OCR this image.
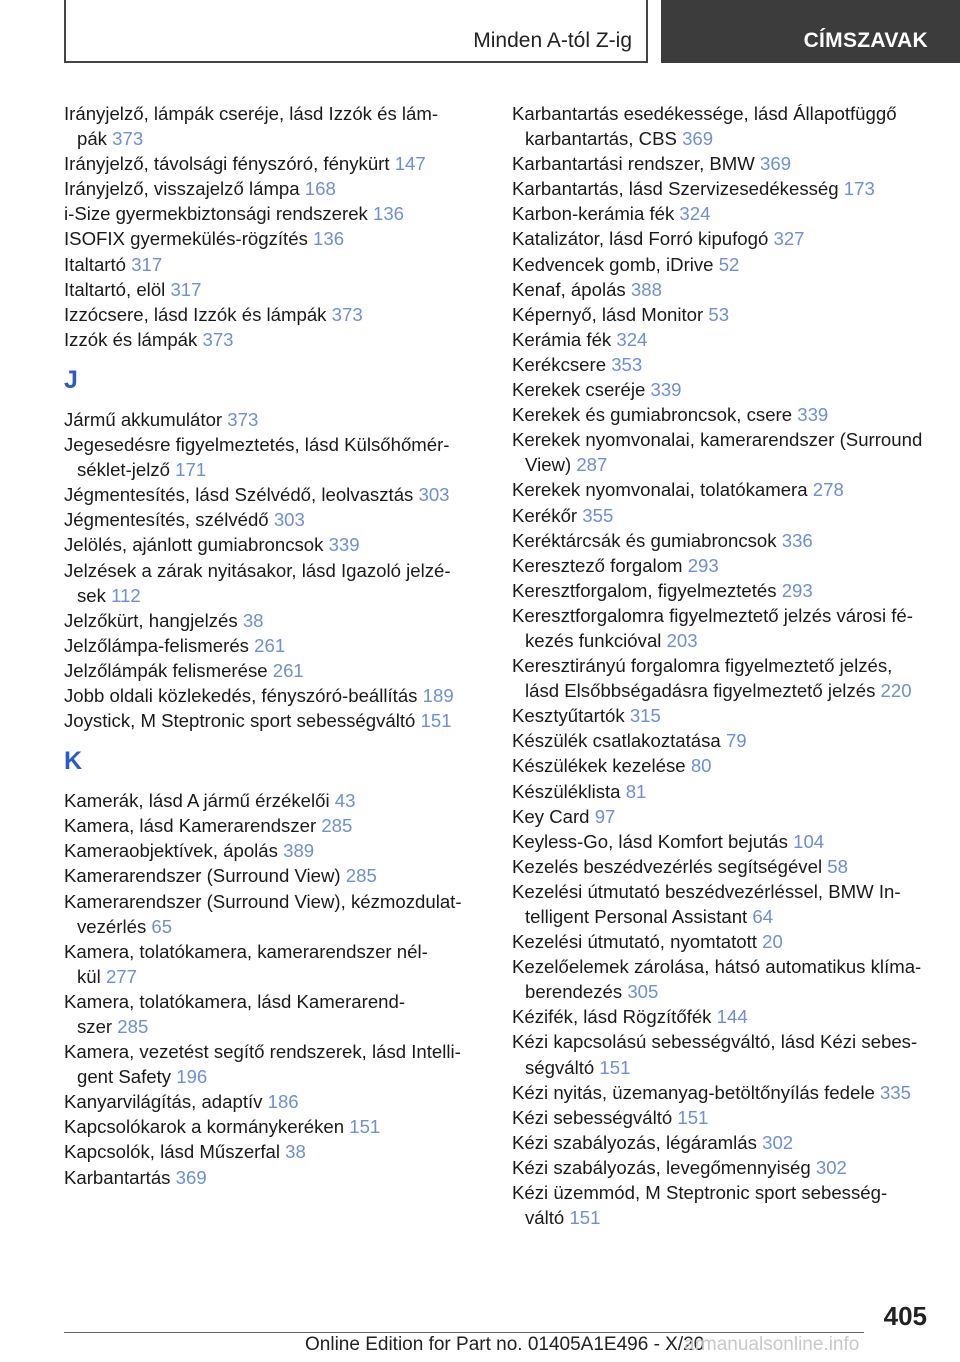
Minden A-tól Z-ig	CÍMSZAVAK
Irányjelző, lámpák cseréje, lásd Izzók és lám-
pák 373
Irányjelző, távolsági fényszóró, fénykürt 147
Irányjelző, visszajelző lámpa 168
i-Size gyermekbiztonsági rendszerek 136
ISOFIX gyermekülés-rögzítés 136
Italtartó 317
Italtartó, elöl 317
Izzócsere, lásd Izzók és lámpák 373
Izzók és lámpák 373
J
Jármű akkumulátor 373
Jegesedésre figyelmeztetés, lásd Külsőhőmér-
séklet-jelző 171
Jégmentesítés, lásd Szélvédő, leolvasztás 303
Jégmentesítés, szélvédő 303
Jelölés, ajánlott gumiabroncsok 339
Jelzések a zárak nyitásakor, lásd Igazoló jelzé-
sek 112
Jelzőkürt, hangjelzés 38
Jelzőlámpa-felismerés 261
Jelzőlámpák felismerése 261
Jobb oldali közlekedés, fényszóró-beállítás 189
Joystick, M Steptronic sport sebességváltó 151
K
Kamerák, lásd A jármű érzékelői 43
Kamera, lásd Kamerarendszer 285
Kameraobjektívek, ápolás 389
Kamerarendszer (Surround View) 285
Kamerarendszer (Surround View), kézmozdulat-
vezérlés 65
Kamera, tolatókamera, kamerarendszer nél-
kül 277
Kamera, tolatókamera, lásd Kamerarend-
szer 285
Kamera, vezetést segítő rendszerek, lásd Intelli-
gent Safety 196
Kanyarvilágítás, adaptív 186
Kapcsolókarok a kormánykeréken 151
Kapcsolók, lásd Műszerfal 38
Karbantartás 369
Karbantartás esedékessége, lásd Állapotfüggő
karbantartás, CBS 369
Karbantartási rendszer, BMW 369
Karbantartás, lásd Szervizesedékesség 173
Karbon-kerámia fék 324
Katalizátor, lásd Forró kipufogó 327
Kedvencek gomb, iDrive 52
Kenaf, ápolás 388
Képernyő, lásd Monitor 53
Kerámia fék 324
Kerékcsere 353
Kerekek cseréje 339
Kerekek és gumiabroncsok, csere 339
Kerekek nyomvonalai, kamerarendszer (Surround
View) 287
Kerekek nyomvonalai, tolatókamera 278
Kerékőr 355
Keréktárcsák és gumiabroncsok 336
Keresztező forgalom 293
Keresztforgalom, figyelmeztetés 293
Keresztforgalomra figyelmeztető jelzés városi fé-
kezés funkcióval 203
Keresztirányú forgalomra figyelmeztető jelzés,
lásd Elsőbbségadásra figyelmeztető jelzés 220
Kesztyűtartók 315
Készülék csatlakoztatása 79
Készülékek kezelése 80
Készüléklista 81
Key Card 97
Keyless-Go, lásd Komfort bejutás 104
Kezelés beszédvezérlés segítségével 58
Kezelési útmutató beszédvezérléssel, BMW In-
telligent Personal Assistant 64
Kezelési útmutató, nyomtatott 20
Kezelőelemek zárolása, hátsó automatikus klíma-
berendezés 305
Kézifék, lásd Rögzítőfék 144
Kézi kapcsolású sebességváltó, lásd Kézi sebes-
ségváltó 151
Kézi nyitás, üzemanyag-betöltőnyílás fedele 335
Kézi sebességváltó 151
Kézi szabályozás, légáramlás 302
Kézi szabályozás, levegőmennyiség 302
Kézi üzemmód, M Steptronic sport sebesség-
váltó 151
405
Online Edition for Part no. 01405A1E496 - X/20
armanualsonline.info
